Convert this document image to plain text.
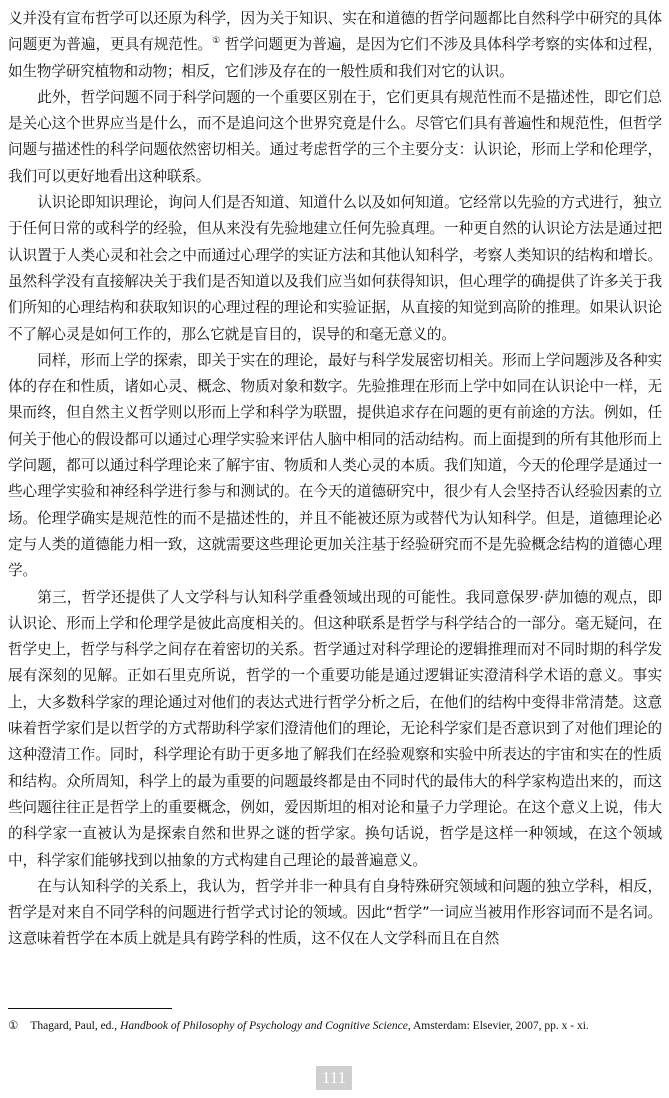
义并没有宣布哲学可以还原为科学，因为关于知识、实在和道德的哲学问题都比自然科学中研究的具体问题更为普遍，更具有规范性。① 哲学问题更为普遍，是因为它们不涉及具体科学考察的实体和过程，如生物学研究植物和动物；相反，它们涉及存在的一般性质和我们对它的认识。

此外，哲学问题不同于科学问题的一个重要区别在于，它们更具有规范性而不是描述性，即它们总是关心这个世界应当是什么，而不是追问这个世界究竟是什么。尽管它们具有普遍性和规范性，但哲学问题与描述性的科学问题依然密切相关。通过考虑哲学的三个主要分支：认识论，形而上学和伦理学，我们可以更好地看出这种联系。

认识论即知识理论，询问人们是否知道、知道什么以及如何知道。它经常以先验的方式进行，独立于任何日常的或科学的经验，但从来没有先验地建立任何先验真理。一种更自然的认识论方法是通过把认识置于人类心灵和社会之中而通过心理学的实证方法和其他认知科学，考察人类知识的结构和增长。虽然科学没有直接解决关于我们是否知道以及我们应当如何获得知识，但心理学的确提供了许多关于我们所知的心理结构和获取知识的心理过程的理论和实验证据，从直接的知觉到高阶的推理。如果认识论不了解心灵是如何工作的，那么它就是盲目的，误导的和毫无意义的。

同样，形而上学的探索，即关于实在的理论，最好与科学发展密切相关。形而上学问题涉及各种实体的存在和性质，诸如心灵、概念、物质对象和数字。先验推理在形而上学中如同在认识论中一样，无果而终，但自然主义哲学则以形而上学和科学为联盟，提供追求存在问题的更有前途的方法。例如，任何关于他心的假设都可以通过心理学实验来评估人脑中相同的活动结构。而上面提到的所有其他形而上学问题，都可以通过科学理论来了解宇宙、物质和人类心灵的本质。我们知道，今天的伦理学是通过一些心理学实验和神经科学进行参与和测试的。在今天的道德研究中，很少有人会坚持否认经验因素的立场。伦理学确实是规范性的而不是描述性的，并且不能被还原为或替代为认知科学。但是，道德理论必定与人类的道德能力相一致，这就需要这些理论更加关注基于经验研究而不是先验概念结构的道德心理学。

第三，哲学还提供了人文学科与认知科学重叠领域出现的可能性。我同意保罗·萨加德的观点，即认识论、形而上学和伦理学是彼此高度相关的。但这种联系是哲学与科学结合的一部分。毫无疑问，在哲学史上，哲学与科学之间存在着密切的关系。哲学通过对科学理论的逻辑推理而对不同时期的科学发展有深刻的见解。正如石里克所说，哲学的一个重要功能是通过逻辑证实澄清科学术语的意义。事实上，大多数科学家的理论通过对他们的表达式进行哲学分析之后，在他们的结构中变得非常清楚。这意味着哲学家们是以哲学的方式帮助科学家们澄清他们的理论，无论科学家们是否意识到了对他们理论的这种澄清工作。同时，科学理论有助于更多地了解我们在经验观察和实验中所表达的宇宙和实在的性质和结构。众所周知，科学上的最为重要的问题最终都是由不同时代的最伟大的科学家构造出来的，而这些问题往往正是哲学上的重要概念，例如，爱因斯坦的相对论和量子力学理论。在这个意义上说，伟大的科学家一直被认为是探索自然和世界之谜的哲学家。换句话说，哲学是这样一种领域，在这个领域中，科学家们能够找到以抽象的方式构建自己理论的最普遍意义。

在与认知科学的关系上，我认为，哲学并非一种具有自身特殊研究领域和问题的独立学科，相反，哲学是对来自不同学科的问题进行哲学式讨论的领域。因此“哲学”一词应当被用作形容词而不是名词。这意味着哲学在本质上就是具有跨学科的性质，这不仅在人文学科而且在自然

① Thagard, Paul, ed., Handbook of Philosophy of Psychology and Cognitive Science, Amsterdam: Elsevier, 2007, pp. x - xi.
111
